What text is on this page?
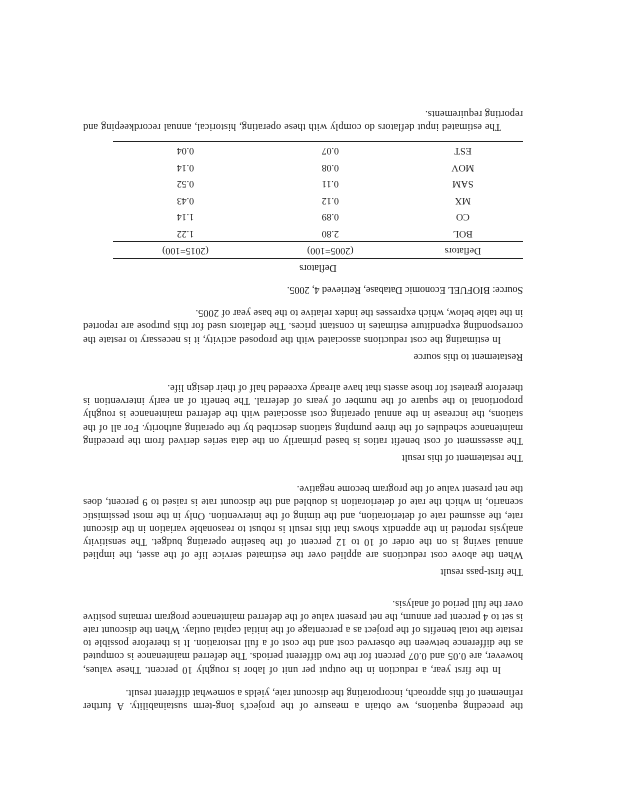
the preceding equations, we obtain a measure of the project's long-term sustainability. A further refinement of this approach, incorporating the discount rate, yields a somewhat different result.

In the first year, a reduction in the output per unit of labor is roughly 10 percent. These values, however, are 0.05 and 0.07 percent for the two different periods. The deferred maintenance is computed as the difference between the observed cost and the cost of a full restoration. It is therefore possible to restate the total benefits of the project as a percentage of the initial capital outlay. When the discount rate is set to 4 percent per annum, the net present value of the deferred maintenance program remains positive over the full period of analysis.

The first-pass result

When the above cost reductions are applied over the estimated service life of the asset, the implied annual saving is on the order of 10 to 12 percent of the baseline operating budget. The sensitivity analysis reported in the appendix shows that this result is robust to reasonable variation in the discount rate, the assumed rate of deterioration, and the timing of the intervention. Only in the most pessimistic scenario, in which the rate of deterioration is doubled and the discount rate is raised to 9 percent, does the net present value of the program become negative.

The restatement of this result

The assessment of cost benefit ratios is based primarily on the data series derived from the preceding maintenance schedules of the three pumping stations described by the operating authority. For all of the stations, the increase in the annual operating cost associated with the deferred maintenance is roughly proportional to the square of the number of years of deferral. The benefit of an early intervention is therefore greatest for those assets that have already exceeded half of their design life.

Restatement to this source

In estimating the cost reductions associated with the proposed activity, it is necessary to restate the corresponding expenditure estimates in constant prices. The deflators used for this purpose are reported in the table below, which expresses the index relative to the base year of 2005.

Source: BIOFUEL Economic Database, Retrieved 4, 2005.

Deflators
Deflators	(2005=100)	(2015=100)
BOL	2.80	1.22
CO	0.89	1.14
MX	0.12	0.43
SAM	0.11	0.52
MOV	0.08	0.14
EST	0.07	0.04

The estimated input deflators do comply with these operating, historical, annual recordkeeping and reporting requirements.
